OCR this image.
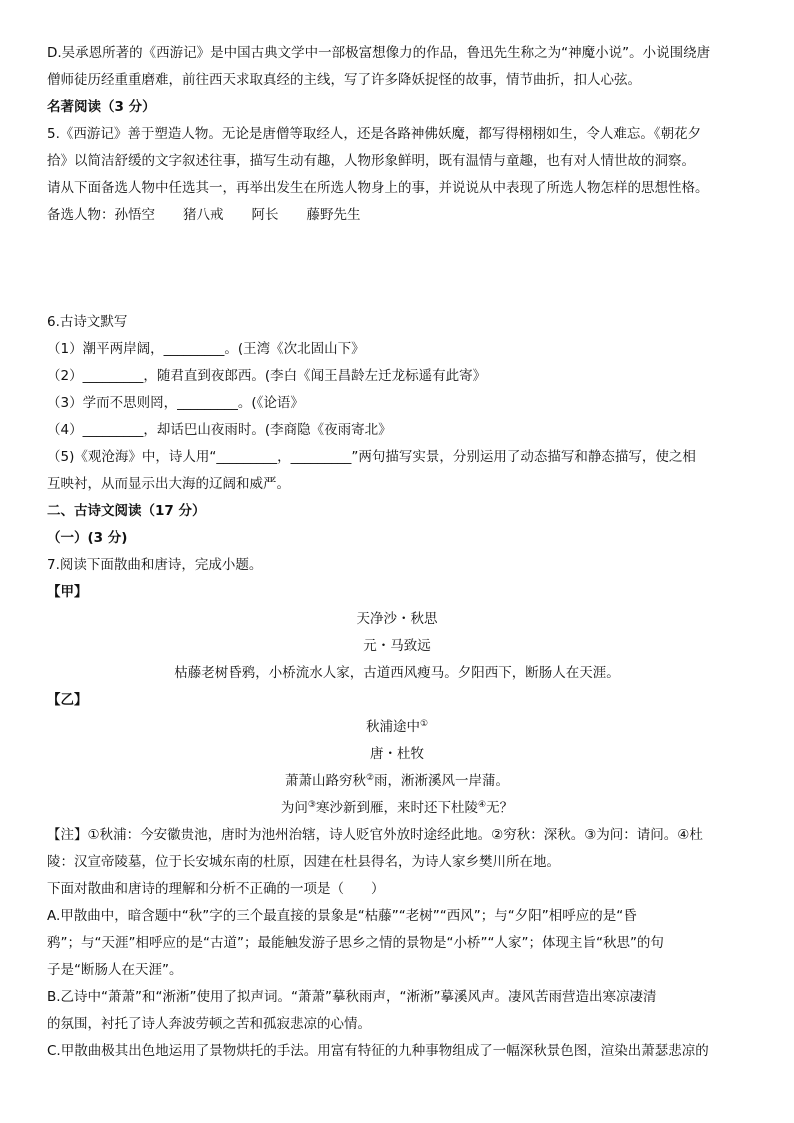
D.吴承恩所著的《西游记》是中国古典文学中一部极富想像力的作品，鲁迅先生称之为“神魔小说”。小说围绕唐

僧师徒历经重重磨难，前往西天求取真经的主线，写了许多降妖捉怪的故事，情节曲折，扣人心弦。

名著阅读（3 分）

5.《西游记》善于塑造人物。无论是唐僧等取经人，还是各路神佛妖魔，都写得栩栩如生，令人难忘。《朝花夕

拾》以简洁舒缓的文字叙述往事，描写生动有趣，人物形象鲜明，既有温情与童趣，也有对人情世故的洞察。

请从下面备选人物中任选其一，再举出发生在所选人物身上的事，并说说从中表现了所选人物怎样的思想性格。

备选人物：孙悟空 猪八戒 阿长 藤野先生

6.古诗文默写

（1）潮平两岸阔，_________。(王湾《次北固山下》

（2）_________，随君直到夜郎西。(李白《闻王昌龄左迁龙标遥有此寄》

（3）学而不思则罔，_________。(《论语》

（4）_________，却话巴山夜雨时。(李商隐《夜雨寄北》

（5)《观沧海》中，诗人用“_________，_________”两句描写实景，分别运用了动态描写和静态描写，使之相

互映衬，从而显示出大海的辽阔和威严。

二、古诗文阅读（17 分）

（一）(3 分)

7.阅读下面散曲和唐诗，完成小题。

【甲】

天净沙・秋思

元・马致远

枯藤老树昏鸦，小桥流水人家，古道西风瘦马。夕阳西下，断肠人在天涯。

【乙】

秋浦途中①

唐・杜牧

萧萧山路穷秋②雨，淅淅溪风一岸蒲。

为问③寒沙新到雁，来时还下杜陵④无？

【注】①秋浦：今安徽贵池，唐时为池州治辖，诗人贬官外放时途经此地。②穷秋：深秋。③为问：请问。④杜

陵：汉宣帝陵墓，位于长安城东南的杜原，因建在杜县得名，为诗人家乡樊川所在地。

下面对散曲和唐诗的理解和分析不正确的一项是（　　）

A.甲散曲中，暗含题中“秋”字的三个最直接的景象是“枯藤”“老树”“西风”；与“夕阳”相呼应的是“昏

鸦”；与“天涯”相呼应的是“古道”；最能触发游子思乡之情的景物是“小桥”“人家”；体现主旨“秋思”的句

子是“断肠人在天涯”。

B.乙诗中“萧萧”和“淅淅”使用了拟声词。“萧萧”摹秋雨声，“淅淅”摹溪风声。凄风苦雨营造出寒凉凄清

的氛围，衬托了诗人奔波劳顿之苦和孤寂悲凉的心情。

C.甲散曲极其出色地运用了景物烘托的手法。用富有特征的九种事物组成了一幅深秋景色图，渲染出萧瑟悲凉的
